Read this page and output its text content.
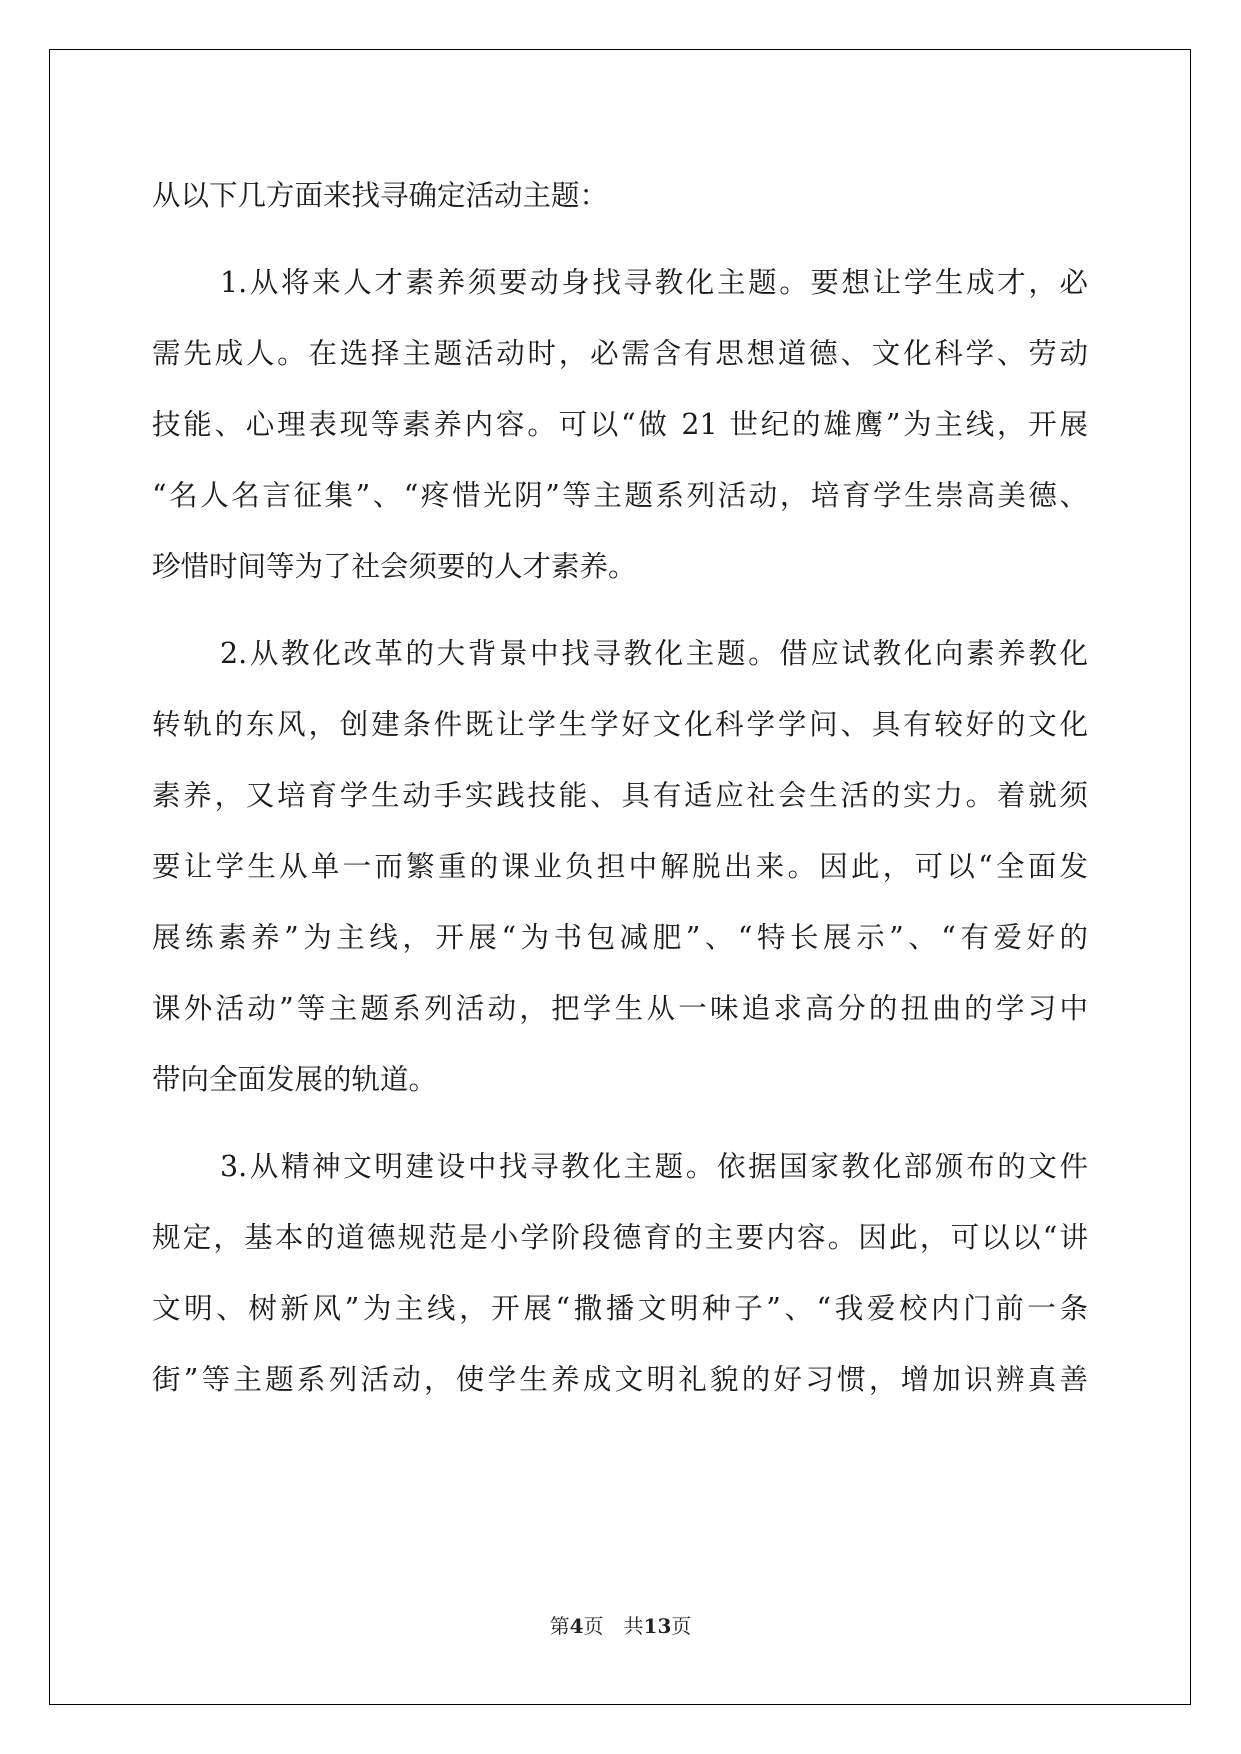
从以下几方面来找寻确定活动主题：
1.从将来人才素养须要动身找寻教化主题。要想让学生成才，必
需先成人。在选择主题活动时，必需含有思想道德、文化科学、劳动
技能、心理表现等素养内容。可以“做 21 世纪的雄鹰”为主线，开展
“名人名言征集”、“疼惜光阴”等主题系列活动，培育学生崇高美德、
珍惜时间等为了社会须要的人才素养。
2.从教化改革的大背景中找寻教化主题。借应试教化向素养教化
转轨的东风，创建条件既让学生学好文化科学学问、具有较好的文化
素养，又培育学生动手实践技能、具有适应社会生活的实力。着就须
要让学生从单一而繁重的课业负担中解脱出来。因此，可以“全面发
展练素养”为主线，开展“为书包减肥”、“特长展示”、“有爱好的
课外活动”等主题系列活动，把学生从一味追求高分的扭曲的学习中
带向全面发展的轨道。
3.从精神文明建设中找寻教化主题。依据国家教化部颁布的文件
规定，基本的道德规范是小学阶段德育的主要内容。因此，可以以“讲
文明、树新风”为主线，开展“撒播文明种子”、“我爱校内门前一条
街”等主题系列活动，使学生养成文明礼貌的好习惯，增加识辨真善
第4页 共13页
